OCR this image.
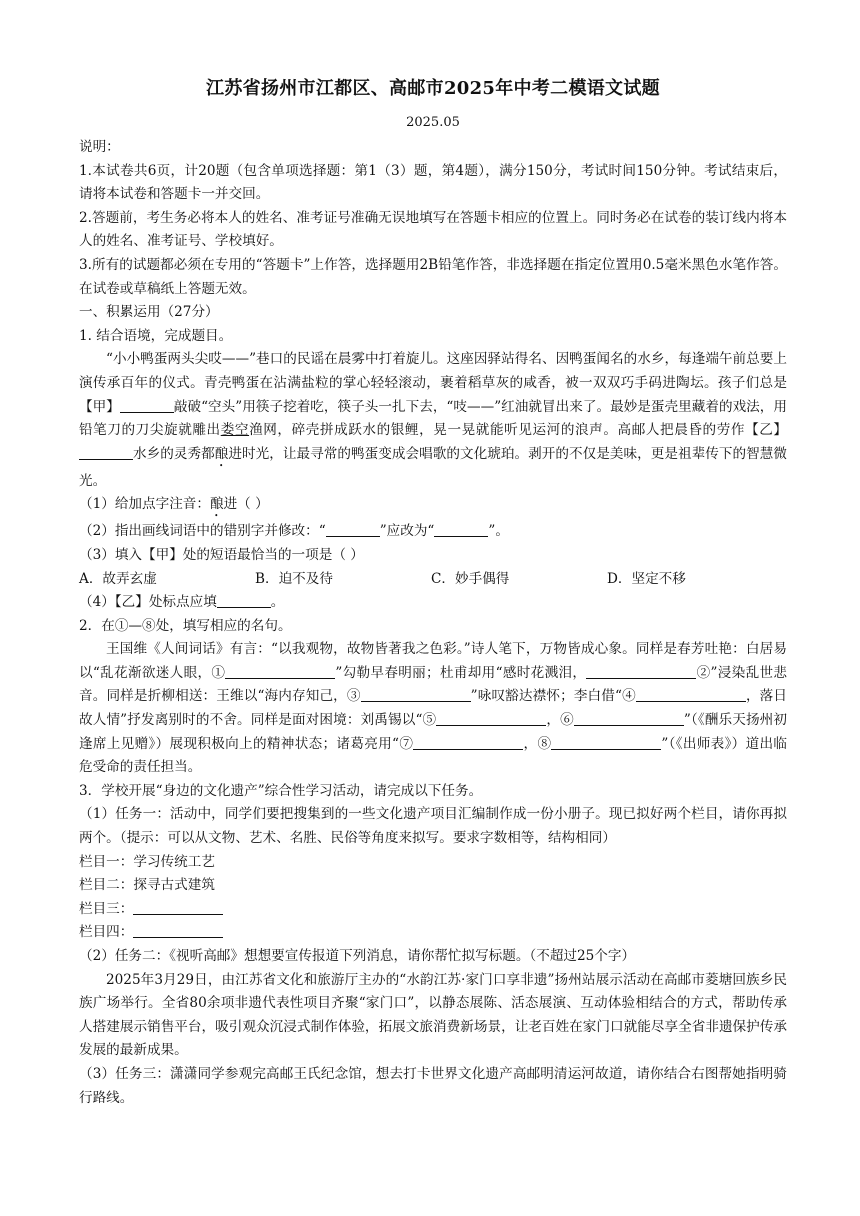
江苏省扬州市江都区、高邮市2025年中考二模语文试题
2025.05

说明：

1.本试卷共6页，计20题（包含单项选择题：第1（3）题，第4题），满分150分，考试时间150分钟。考试结束后，请将本试卷和答题卡一并交回。

2.答题前，考生务必将本人的姓名、准考证号准确无误地填写在答题卡相应的位置上。同时务必在试卷的装订线内将本人的姓名、准考证号、学校填好。

3.所有的试题都必须在专用的“答题卡”上作答，选择题用2B铅笔作答，非选择题在指定位置用0.5毫米黑色水笔作答。在试卷或草稿纸上答题无效。

一、积累运用（27分）

1. 结合语境，完成题目。

“小小鸭蛋两头尖哎——”巷口的民谣在晨雾中打着旋儿。这座因驿站得名、因鸭蛋闻名的水乡，每逢端午前总要上演传承百年的仪式。青壳鸭蛋在沾满盐粒的掌心轻轻滚动，裹着稻草灰的咸香，被一双双巧手码进陶坛。孩子们总是【甲】	敲破“空头”用筷子挖着吃，筷子头一扎下去，“吱——”红油就冒出来了。最妙是蛋壳里藏着的戏法，用铅笔刀的刀尖旋就雕出娄空渔网，碎壳拼成跃水的银鲤，晃一晃就能听见运河的浪声。高邮人把晨昏的劳作【乙】水乡的灵秀都酿进时光，让最寻常的鸭蛋变成会唱歌的文化琥珀。剥开的不仅是美味，更是祖辈传下的智慧微光。

（1）给加点字注音：酿进（ ）

（2）指出画线词语中的错别字并修改：“	”应改为“	”。

（3）填入【甲】处的短语最恰当的一项是（ ）

A．故弄玄虚	B．迫不及待	C．妙手偶得	D．坚定不移

（4）【乙】处标点应填	。

2．在①—⑧处，填写相应的名句。

王国维《人间词话》有言：“以我观物，故物皆著我之色彩。”诗人笔下，万物皆成心象。同样是春芳吐艳：白居易以“乱花渐欲迷人眼，①	”勾勒早春明丽；杜甫却用“感时花溅泪，	②”浸染乱世悲音。同样是折柳相送：王维以“海内存知己，③	”咏叹豁达襟怀；李白借“④	，落日故人情”抒发离别时的不舍。同样是面对困境：刘禹锡以“⑤	，⑥	”（《酬乐天扬州初逢席上见赠》）展现积极向上的精神状态；诸葛亮用“⑦	，⑧	”（《出师表》）道出临危受命的责任担当。

3．学校开展“身边的文化遗产”综合性学习活动，请完成以下任务。

（1）任务一：活动中，同学们要把搜集到的一些文化遗产项目汇编制作成一份小册子。现已拟好两个栏目，请你再拟两个。（提示：可以从文物、艺术、名胜、民俗等角度来拟写。要求字数相等，结构相同）

栏目一：学习传统工艺

栏目二：探寻古式建筑

栏目三：

栏目四：

（2）任务二：《视听高邮》想想要宣传报道下列消息，请你帮忙拟写标题。（不超过25个字）

2025年3月29日，由江苏省文化和旅游厅主办的“水韵江苏·家门口享非遗”扬州站展示活动在高邮市菱塘回族乡民族广场举行。全省80余项非遗代表性项目齐聚“家门口”，以静态展陈、活态展演、互动体验相结合的方式，帮助传承人搭建展示销售平台，吸引观众沉浸式制作体验，拓展文旅消费新场景，让老百姓在家门口就能尽享全省非遗保护传承发展的最新成果。

（3）任务三：潇潇同学参观完高邮王氏纪念馆，想去打卡世界文化遗产高邮明清运河故道，请你结合右图帮她指明骑行路线。
